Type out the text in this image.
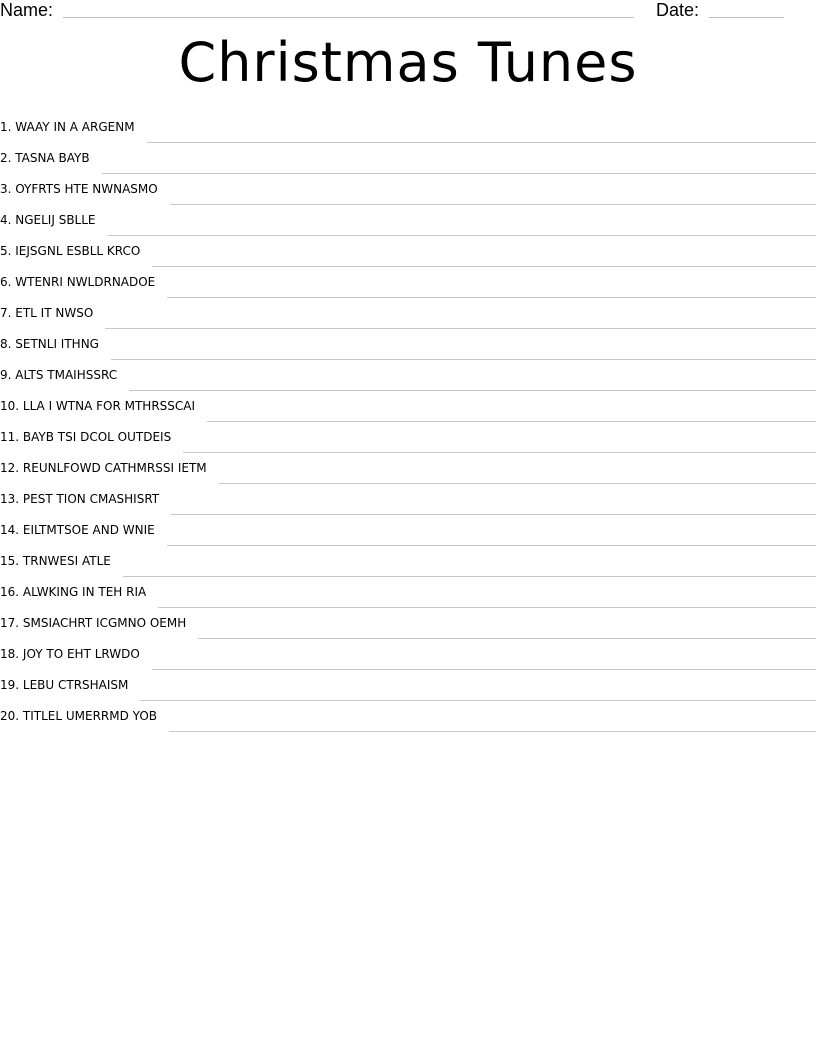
Name:	Date:
Christmas Tunes
1. WAAY IN A ARGENM
2. TASNA BAYB
3. OYFRTS HTE NWNASMO
4. NGELIJ SBLLE
5. IEJSGNL ESBLL KRCO
6. WTENRI NWLDRNADOE
7. ETL IT NWSO
8. SETNLI ITHNG
9. ALTS TMAIHSSRC
10. LLA I WTNA FOR MTHRSSCAI
11. BAYB TSI DCOL OUTDEIS
12. REUNLFOWD CATHMRSSI IETM
13. PEST TION CMASHISRT
14. EILTMTSOE AND WNIE
15. TRNWESI ATLE
16. ALWKING IN TEH RIA
17. SMSIACHRT ICGMNO OEMH
18. JOY TO EHT LRWDO
19. LEBU CTRSHAISM
20. TITLEL UMERRMD YOB
